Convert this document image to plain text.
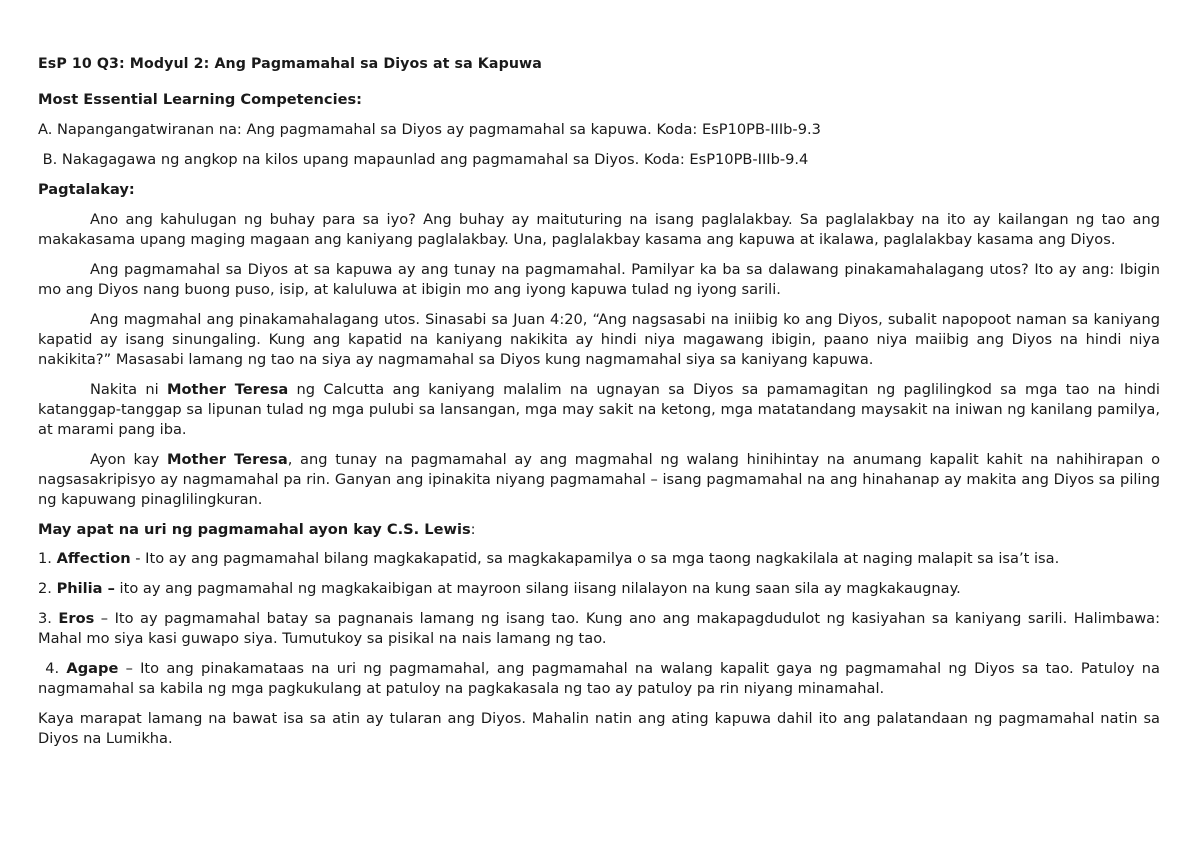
EsP 10 Q3: Modyul 2: Ang Pagmamahal sa Diyos at sa Kapuwa

Most Essential Learning Competencies:

A. Napangangatwiranan na: Ang pagmamahal sa Diyos ay pagmamahal sa kapuwa. Koda: EsP10PB-IIIb-9.3

B. Nakagagawa ng angkop na kilos upang mapaunlad ang pagmamahal sa Diyos. Koda: EsP10PB-IIIb-9.4

Pagtalakay:

Ano ang kahulugan ng buhay para sa iyo? Ang buhay ay maituturing na isang paglalakbay. Sa paglalakbay na ito ay kailangan ng tao ang makakasama upang maging magaan ang kaniyang paglalakbay. Una, paglalakbay kasama ang kapuwa at ikalawa, paglalakbay kasama ang Diyos.

Ang pagmamahal sa Diyos at sa kapuwa ay ang tunay na pagmamahal. Pamilyar ka ba sa dalawang pinakamahalagang utos? Ito ay ang: Ibigin mo ang Diyos nang buong puso, isip, at kaluluwa at ibigin mo ang iyong kapuwa tulad ng iyong sarili.

Ang magmahal ang pinakamahalagang utos. Sinasabi sa Juan 4:20, “Ang nagsasabi na iniibig ko ang Diyos, subalit napopoot naman sa kaniyang kapatid ay isang sinungaling. Kung ang kapatid na kaniyang nakikita ay hindi niya magawang ibigin, paano niya maiibig ang Diyos na hindi niya nakikita?” Masasabi lamang ng tao na siya ay nagmamahal sa Diyos kung nagmamahal siya sa kaniyang kapuwa.

Nakita ni Mother Teresa ng Calcutta ang kaniyang malalim na ugnayan sa Diyos sa pamamagitan ng paglilingkod sa mga tao na hindi katanggap-tanggap sa lipunan tulad ng mga pulubi sa lansangan, mga may sakit na ketong, mga matatandang maysakit na iniwan ng kanilang pamilya, at marami pang iba.

Ayon kay Mother Teresa, ang tunay na pagmamahal ay ang magmahal ng walang hinihintay na anumang kapalit kahit na nahihirapan o nagsasakripisyo ay nagmamahal pa rin. Ganyan ang ipinakita niyang pagmamahal – isang pagmamahal na ang hinahanap ay makita ang Diyos sa piling ng kapuwang pinaglilingkuran.

May apat na uri ng pagmamahal ayon kay C.S. Lewis:

1. Affection - Ito ay ang pagmamahal bilang magkakapatid, sa magkakapamilya o sa mga taong nagkakilala at naging malapit sa isa’t isa.

2. Philia – ito ay ang pagmamahal ng magkakaibigan at mayroon silang iisang nilalayon na kung saan sila ay magkakaugnay.

3. Eros – Ito ay pagmamahal batay sa pagnanais lamang ng isang tao. Kung ano ang makapagdudulot ng kasiyahan sa kaniyang sarili. Halimbawa: Mahal mo siya kasi guwapo siya. Tumutukoy sa pisikal na nais lamang ng tao.

4. Agape – Ito ang pinakamataas na uri ng pagmamahal, ang pagmamahal na walang kapalit gaya ng pagmamahal ng Diyos sa tao. Patuloy na nagmamahal sa kabila ng mga pagkukulang at patuloy na pagkakasala ng tao ay patuloy pa rin niyang minamahal.

Kaya marapat lamang na bawat isa sa atin ay tularan ang Diyos. Mahalin natin ang ating kapuwa dahil ito ang palatandaan ng pagmamahal natin sa Diyos na Lumikha.
